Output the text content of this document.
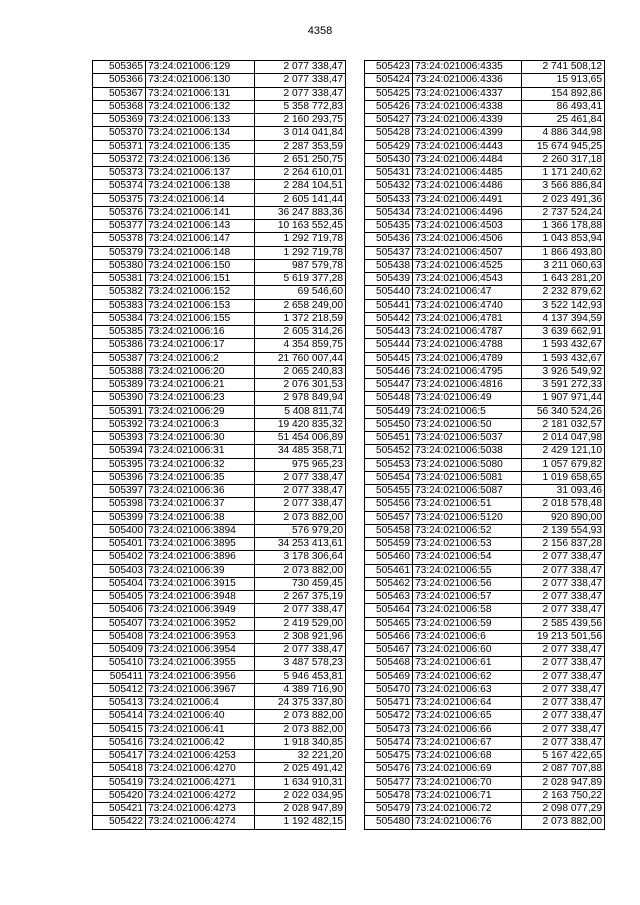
4358
505365	73:24:021006:129	2 077 338,47
505366	73:24:021006:130	2 077 338,47
505367	73:24:021006:131	2 077 338,47
505368	73:24:021006:132	5 358 772,83
505369	73:24:021006:133	2 160 293,75
505370	73:24:021006:134	3 014 041,84
505371	73:24:021006:135	2 287 353,59
505372	73:24:021006:136	2 651 250,75
505373	73:24:021006:137	2 264 610,01
505374	73:24:021006:138	2 284 104,51
505375	73:24:021006:14	2 605 141,44
505376	73:24:021006:141	36 247 883,36
505377	73:24:021006:143	10 163 552,45
505378	73:24:021006:147	1 292 719,78
505379	73:24:021006:148	1 292 719,78
505380	73:24:021006:150	987 579,78
505381	73:24:021006:151	5 619 377,28
505382	73:24:021006:152	69 546,60
505383	73:24:021006:153	2 658 249,00
505384	73:24:021006:155	1 372 218,59
505385	73:24:021006:16	2 605 314,26
505386	73:24:021006:17	4 354 859,75
505387	73:24:021006:2	21 760 007,44
505388	73:24:021006:20	2 065 240,83
505389	73:24:021006:21	2 076 301,53
505390	73:24:021006:23	2 978 849,94
505391	73:24:021006:29	5 408 811,74
505392	73:24:021006:3	19 420 835,32
505393	73:24:021006:30	51 454 006,89
505394	73:24:021006:31	34 485 358,71
505395	73:24:021006:32	975 965,23
505396	73:24:021006:35	2 077 338,47
505397	73:24:021006:36	2 077 338,47
505398	73:24:021006:37	2 077 338,47
505399	73:24:021006:38	2 073 882,00
505400	73:24:021006:3894	576 979,20
505401	73:24:021006:3895	34 253 413,61
505402	73:24:021006:3896	3 178 306,64
505403	73:24:021006:39	2 073 882,00
505404	73:24:021006:3915	730 459,45
505405	73:24:021006:3948	2 267 375,19
505406	73:24:021006:3949	2 077 338,47
505407	73:24:021006:3952	2 419 529,00
505408	73:24:021006:3953	2 308 921,96
505409	73:24:021006:3954	2 077 338,47
505410	73:24:021006:3955	3 487 578,23
505411	73:24:021006:3956	5 946 453,81
505412	73:24:021006:3967	4 389 716,90
505413	73:24:021006:4	24 375 337,80
505414	73:24:021006:40	2 073 882,00
505415	73:24:021006:41	2 073 882,00
505416	73:24:021006:42	1 918 340,85
505417	73:24:021006:4253	32 221,20
505418	73:24:021006:4270	2 025 491,42
505419	73:24:021006:4271	1 634 910,31
505420	73:24:021006:4272	2 022 034,95
505421	73:24:021006:4273	2 028 947,89
505422	73:24:021006:4274	1 192 482,15
505423	73:24:021006:4335	2 741 508,12
505424	73:24:021006:4336	15 913,65
505425	73:24:021006:4337	154 892,86
505426	73:24:021006:4338	86 493,41
505427	73:24:021006:4339	25 461,84
505428	73:24:021006:4399	4 886 344,98
505429	73:24:021006:4443	15 674 945,25
505430	73:24:021006:4484	2 260 317,18
505431	73:24:021006:4485	1 171 240,62
505432	73:24:021006:4486	3 566 886,84
505433	73:24:021006:4491	2 023 491,36
505434	73:24:021006:4496	2 737 524,24
505435	73:24:021006:4503	1 366 178,88
505436	73:24:021006:4506	1 043 853,94
505437	73:24:021006:4507	1 866 493,80
505438	73:24:021006:4525	3 211 060,63
505439	73:24:021006:4543	1 643 281,20
505440	73:24:021006:47	2 232 879,62
505441	73:24:021006:4740	3 522 142,93
505442	73:24:021006:4781	4 137 394,59
505443	73:24:021006:4787	3 639 662,91
505444	73:24:021006:4788	1 593 432,67
505445	73:24:021006:4789	1 593 432,67
505446	73:24:021006:4795	3 926 549,92
505447	73:24:021006:4816	3 591 272,33
505448	73:24:021006:49	1 907 971,44
505449	73:24:021006:5	56 340 524,26
505450	73:24:021006:50	2 181 032,57
505451	73:24:021006:5037	2 014 047,98
505452	73:24:021006:5038	2 429 121,10
505453	73:24:021006:5080	1 057 679,82
505454	73:24:021006:5081	1 019 658,65
505455	73:24:021006:5087	31 093,46
505456	73:24:021006:51	2 018 578,48
505457	73:24:021006:5120	920 890,00
505458	73:24:021006:52	2 139 554,93
505459	73:24:021006:53	2 156 837,28
505460	73:24:021006:54	2 077 338,47
505461	73:24:021006:55	2 077 338,47
505462	73:24:021006:56	2 077 338,47
505463	73:24:021006:57	2 077 338,47
505464	73:24:021006:58	2 077 338,47
505465	73:24:021006:59	2 585 439,56
505466	73:24:021006:6	19 213 501,56
505467	73:24:021006:60	2 077 338,47
505468	73:24:021006:61	2 077 338,47
505469	73:24:021006:62	2 077 338,47
505470	73:24:021006:63	2 077 338,47
505471	73:24:021006:64	2 077 338,47
505472	73:24:021006:65	2 077 338,47
505473	73:24:021006:66	2 077 338,47
505474	73:24:021006:67	2 077 338,47
505475	73:24:021006:68	5 167 422,65
505476	73:24:021006:69	2 087 707,88
505477	73:24:021006:70	2 028 947,89
505478	73:24:021006:71	2 163 750,22
505479	73:24:021006:72	2 098 077,29
505480	73:24:021006:76	2 073 882,00
